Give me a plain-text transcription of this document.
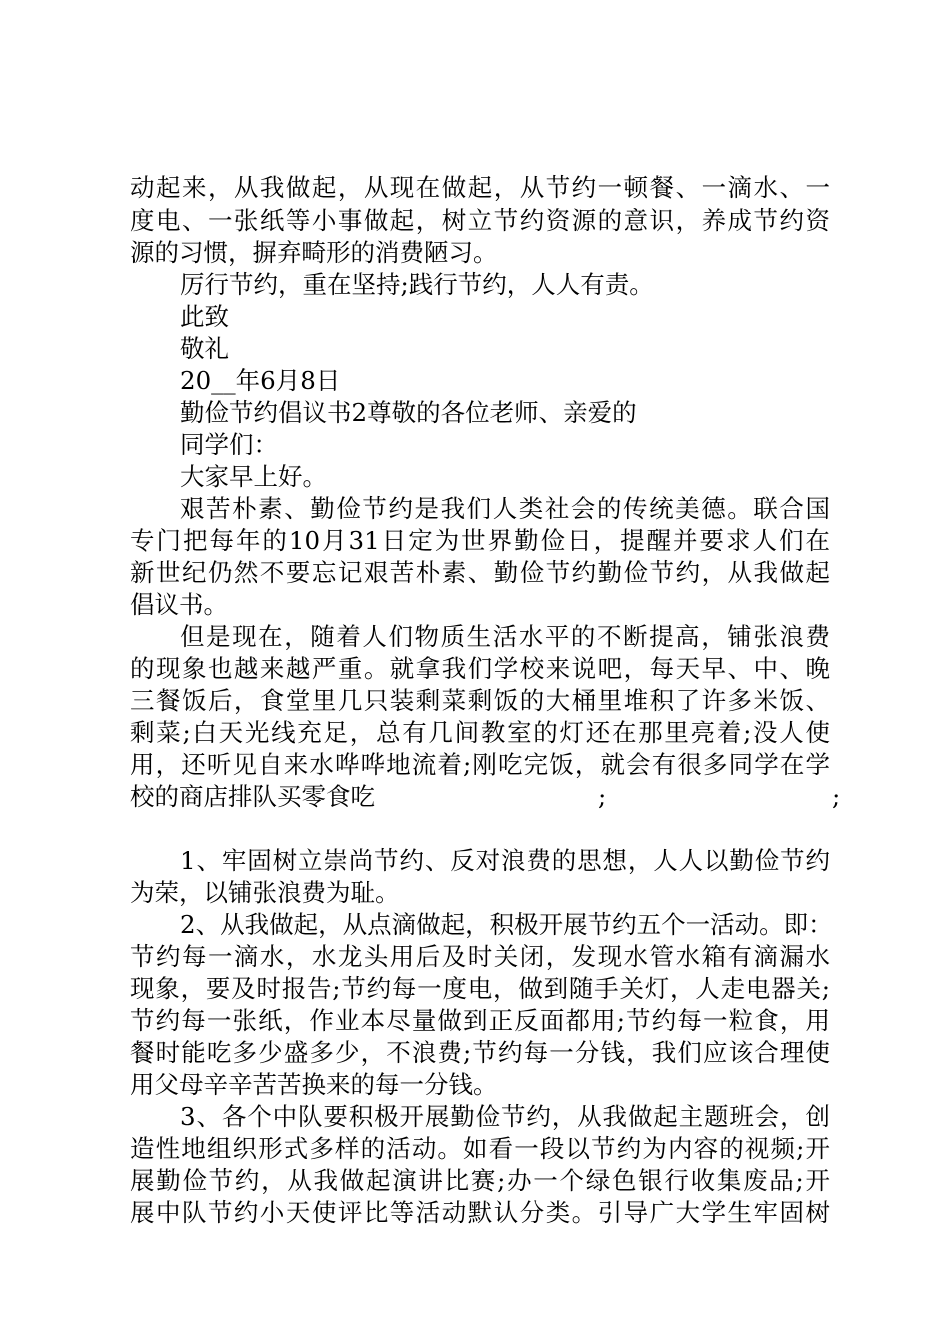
动起来，从我做起，从现在做起，从节约一顿餐、一滴水、一
度电、一张纸等小事做起，树立节约资源的意识，养成节约资
源的习惯，摒弃畸形的消费陋习。
厉行节约，重在坚持;践行节约，人人有责。
此致
敬礼
20__年6月8日
勤俭节约倡议书2尊敬的各位老师、亲爱的
同学们：
大家早上好。
艰苦朴素、勤俭节约是我们人类社会的传统美德。联合国
专门把每年的10月31日定为世界勤俭日，提醒并要求人们在
新世纪仍然不要忘记艰苦朴素、勤俭节约勤俭节约，从我做起
倡议书。
但是现在，随着人们物质生活水平的不断提高，铺张浪费
的现象也越来越严重。就拿我们学校来说吧，每天早、中、晚
三餐饭后，食堂里几只装剩菜剩饭的大桶里堆积了许多米饭、
剩菜;白天光线充足，总有几间教室的灯还在那里亮着;没人使
用，还听见自来水哗哗地流着;刚吃完饭，就会有很多同学在学
校的商店排队买零食吃	;	;
1、牢固树立崇尚节约、反对浪费的思想，人人以勤俭节约
为荣，以铺张浪费为耻。
2、从我做起，从点滴做起，积极开展节约五个一活动。即：
节约每一滴水，水龙头用后及时关闭，发现水管水箱有滴漏水
现象，要及时报告;节约每一度电，做到随手关灯，人走电器关;
节约每一张纸，作业本尽量做到正反面都用;节约每一粒食，用
餐时能吃多少盛多少，不浪费;节约每一分钱，我们应该合理使
用父母辛辛苦苦换来的每一分钱。
3、各个中队要积极开展勤俭节约，从我做起主题班会，创
造性地组织形式多样的活动。如看一段以节约为内容的视频;开
展勤俭节约，从我做起演讲比赛;办一个绿色银行收集废品;开
展中队节约小天使评比等活动默认分类。引导广大学生牢固树
